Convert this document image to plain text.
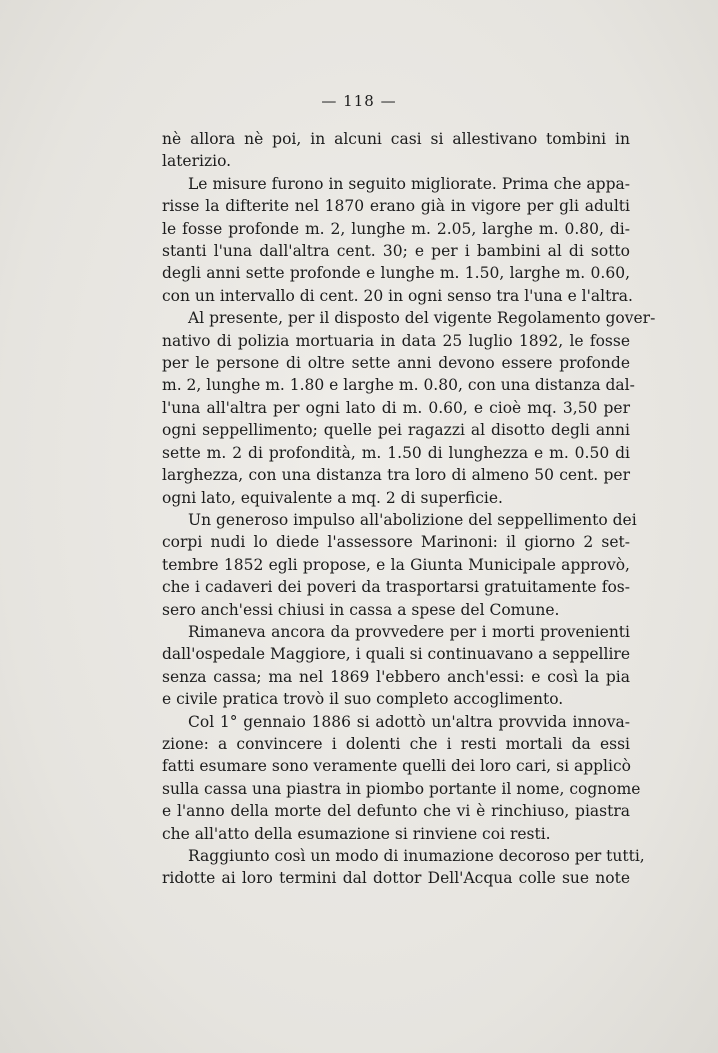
— 118 —
nè allora nè poi, in alcuni casi si allestivano tombini in
laterizio.
Le misure furono in seguito migliorate. Prima che appa-
risse la difterite nel 1870 erano già in vigore per gli adulti
le fosse profonde m. 2, lunghe m. 2.05, larghe m. 0.80, di-
stanti l'una dall'altra cent. 30; e per i bambini al di sotto
degli anni sette profonde e lunghe m. 1.50, larghe m. 0.60,
con un intervallo di cent. 20 in ogni senso tra l'una e l'altra.
Al presente, per il disposto del vigente Regolamento gover-
nativo di polizia mortuaria in data 25 luglio 1892, le fosse
per le persone di oltre sette anni devono essere profonde
m. 2, lunghe m. 1.80 e larghe m. 0.80, con una distanza dal-
l'una all'altra per ogni lato di m. 0.60, e cioè mq. 3,50 per
ogni seppellimento; quelle pei ragazzi al disotto degli anni
sette m. 2 di profondità, m. 1.50 di lunghezza e m. 0.50 di
larghezza, con una distanza tra loro di almeno 50 cent. per
ogni lato, equivalente a mq. 2 di superficie.
Un generoso impulso all'abolizione del seppellimento dei
corpi nudi lo diede l'assessore Marinoni: il giorno 2 set-
tembre 1852 egli propose, e la Giunta Municipale approvò,
che i cadaveri dei poveri da trasportarsi gratuitamente fos-
sero anch'essi chiusi in cassa a spese del Comune.
Rimaneva ancora da provvedere per i morti provenienti
dall'ospedale Maggiore, i quali si continuavano a seppellire
senza cassa; ma nel 1869 l'ebbero anch'essi: e così la pia
e civile pratica trovò il suo completo accoglimento.
Col 1° gennaio 1886 si adottò un'altra provvida innova-
zione: a convincere i dolenti che i resti mortali da essi
fatti esumare sono veramente quelli dei loro cari, si applicò
sulla cassa una piastra in piombo portante il nome, cognome
e l'anno della morte del defunto che vi è rinchiuso, piastra
che all'atto della esumazione si rinviene coi resti.
Raggiunto così un modo di inumazione decoroso per tutti,
ridotte ai loro termini dal dottor Dell'Acqua colle sue note
